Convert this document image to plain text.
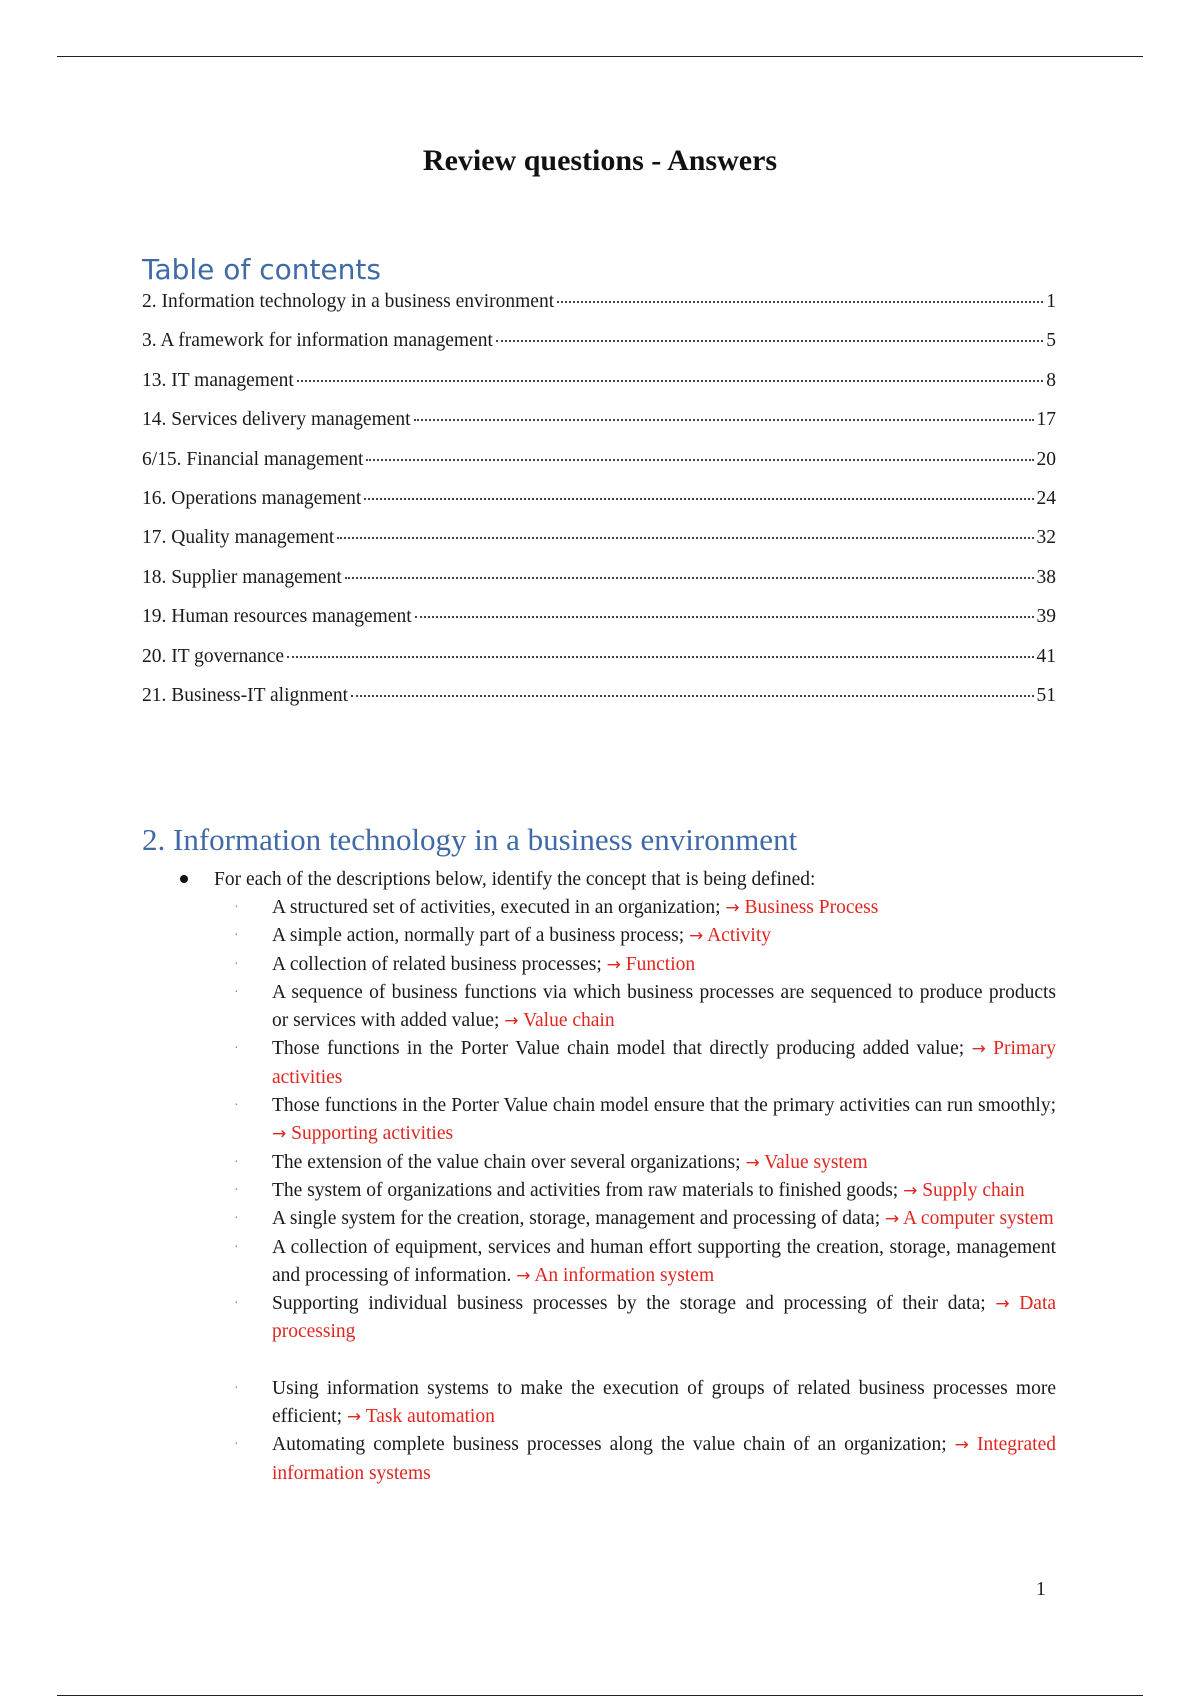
Review questions - Answers
Table of contents
2. Information technology in a business environment	1
3. A framework for information management	5
13. IT management	8
14. Services delivery management	17
6/15. Financial management	20
16. Operations management	24
17. Quality management	32
18. Supplier management	38
19. Human resources management	39
20. IT governance	41
21. Business-IT alignment	51
2. Information technology in a business environment
For each of the descriptions below, identify the concept that is being defined:
· A structured set of activities, executed in an organization; → Business Process
· A simple action, normally part of a business process; → Activity
· A collection of related business processes; → Function
· A sequence of business functions via which business processes are sequenced to produce products or services with added value; → Value chain
· Those functions in the Porter Value chain model that directly producing added value; → Primary activities
· Those functions in the Porter Value chain model ensure that the primary activities can run smoothly; → Supporting activities
· The extension of the value chain over several organizations; → Value system
· The system of organizations and activities from raw materials to finished goods; → Supply chain
· A single system for the creation, storage, management and processing of data; → A computer system
· A collection of equipment, services and human effort supporting the creation, storage, management and processing of information. → An information system
· Supporting individual business processes by the storage and processing of their data; → Data processing
· Using information systems to make the execution of groups of related business processes more efficient; → Task automation
· Automating complete business processes along the value chain of an organization; → Integrated information systems
1
